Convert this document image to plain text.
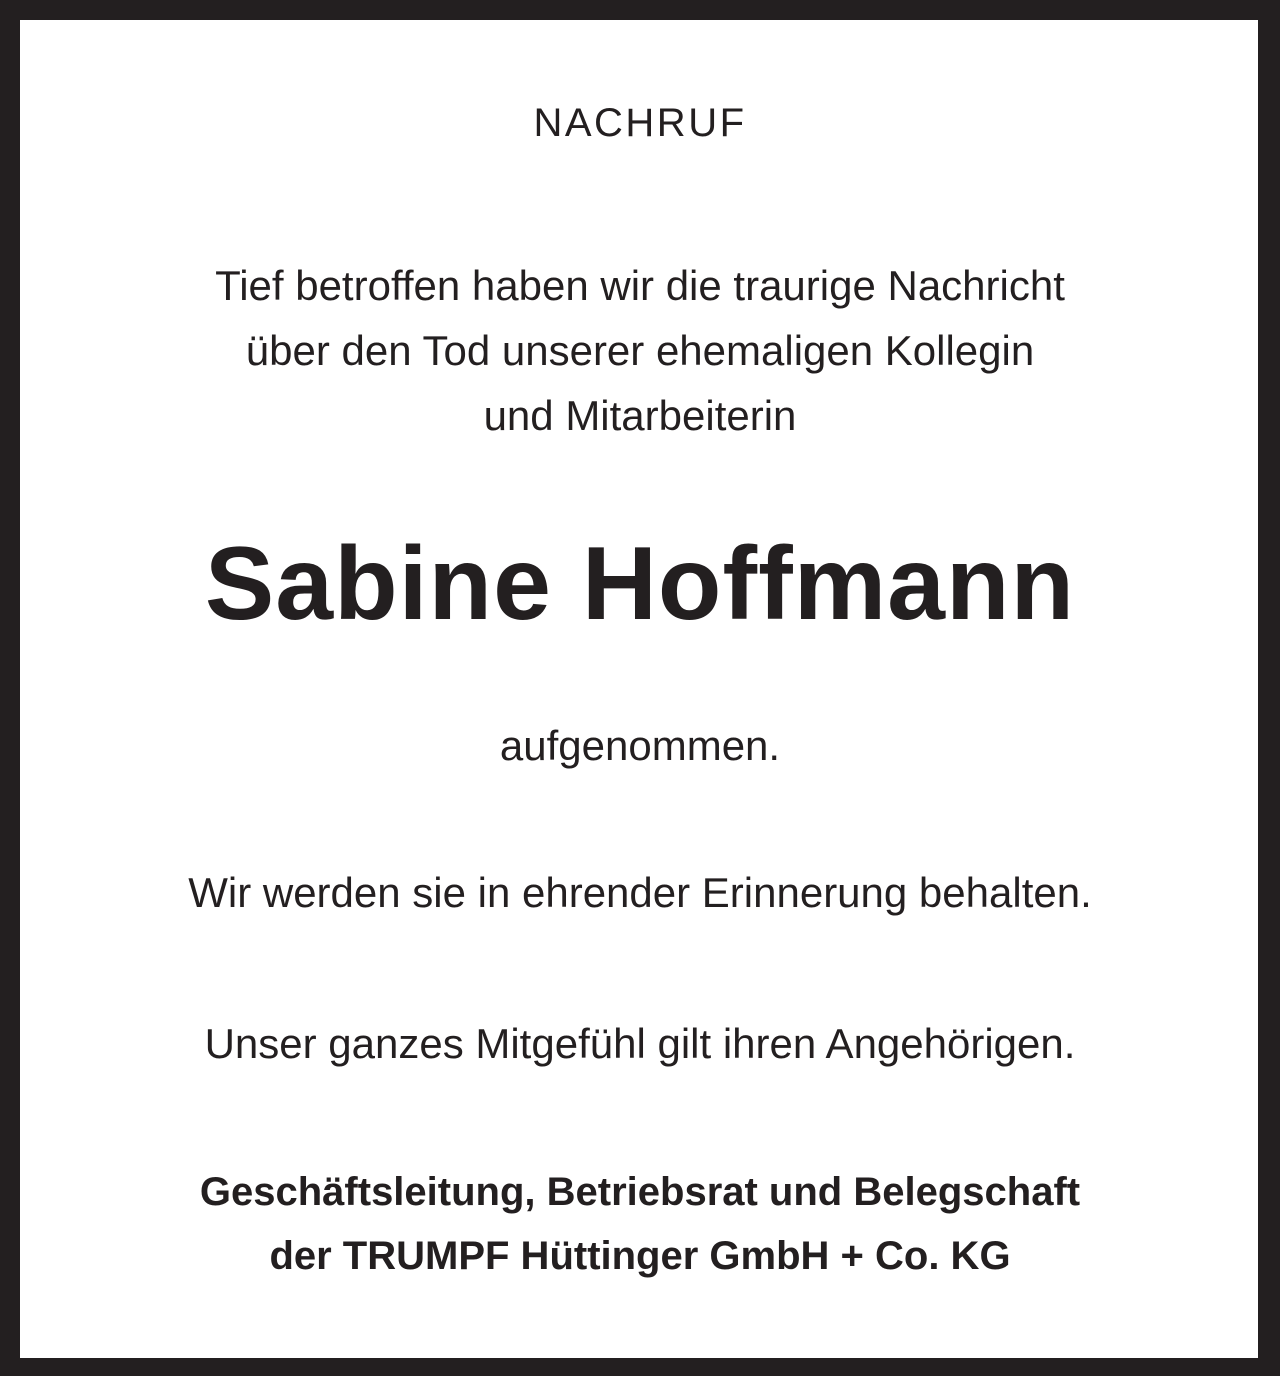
NACHRUF
Tief betroffen haben wir die traurige Nachricht
über den Tod unserer ehemaligen Kollegin
und Mitarbeiterin
Sabine Hoffmann
aufgenommen.
Wir werden sie in ehrender Erinnerung behalten.
Unser ganzes Mitgefühl gilt ihren Angehörigen.
Geschäftsleitung, Betriebsrat und Belegschaft
der TRUMPF Hüttinger GmbH + Co. KG
